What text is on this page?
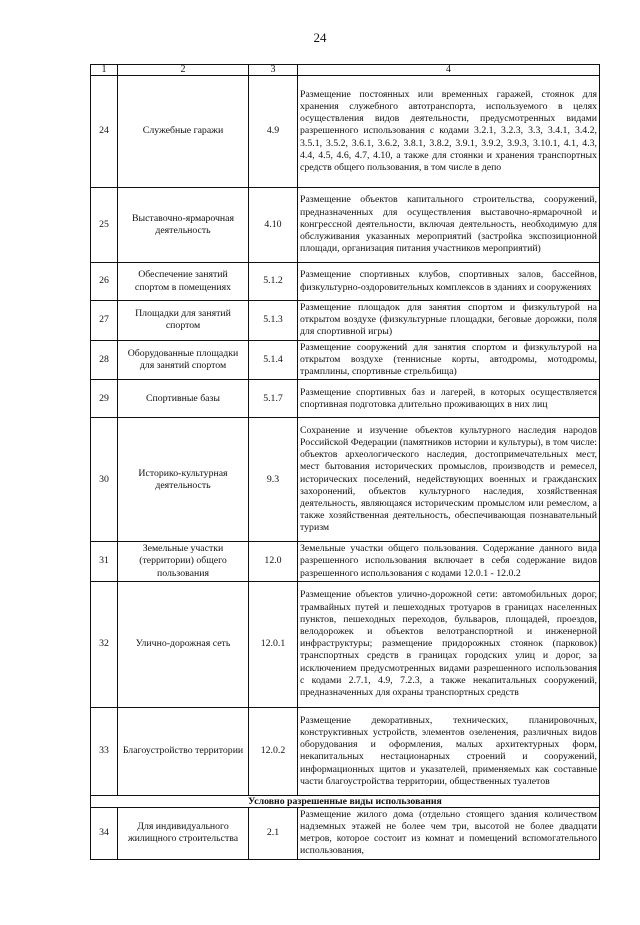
24
1	2	3	4
24	Служебные гаражи	4.9	Размещение постоянных или временных гаражей, стоянок для хранения служебного автотранспорта, используемого в целях осуществления видов деятельности, предусмотренных видами разрешенного использования с кодами 3.2.1, 3.2.3, 3.3, 3.4.1, 3.4.2, 3.5.1, 3.5.2, 3.6.1, 3.6.2, 3.8.1, 3.8.2, 3.9.1, 3.9.2, 3.9.3, 3.10.1, 4.1, 4.3, 4.4, 4.5, 4.6, 4.7, 4.10, а также для стоянки и хранения транспортных средств общего пользования, в том числе в депо
25	Выставочно-ярмарочная деятельность	4.10	Размещение объектов капитального строительства, сооружений, предназначенных для осуществления выставочно-ярмарочной и конгрессной деятельности, включая деятельность, необходимую для обслуживания указанных мероприятий (застройка экспозиционной площади, организация питания участников мероприятий)
26	Обеспечение занятий спортом в помещениях	5.1.2	Размещение спортивных клубов, спортивных залов, бассейнов, физкультурно-оздоровительных комплексов в зданиях и сооружениях
27	Площадки для занятий спортом	5.1.3	Размещение площадок для занятия спортом и физкультурой на открытом воздухе (физкультурные площадки, беговые дорожки, поля для спортивной игры)
28	Оборудованные площадки для занятий спортом	5.1.4	Размещение сооружений для занятия спортом и физкультурой на открытом воздухе (теннисные корты, автодромы, мотодромы, трамплины, спортивные стрельбища)
29	Спортивные базы	5.1.7	Размещение спортивных баз и лагерей, в которых осуществляется спортивная подготовка длительно проживающих в них лиц
30	Историко-культурная деятельность	9.3	Сохранение и изучение объектов культурного наследия народов Российской Федерации (памятников истории и культуры), в том числе: объектов археологического наследия, достопримечательных мест, мест бытования исторических промыслов, производств и ремесел, исторических поселений, недействующих военных и гражданских захоронений, объектов культурного наследия, хозяйственная деятельность, являющаяся историческим промыслом или ремеслом, а также хозяйственная деятельность, обеспечивающая познавательный туризм
31	Земельные участки (территории) общего пользования	12.0	Земельные участки общего пользования. Содержание данного вида разрешенного использования включает в себя содержание видов разрешенного использования с кодами 12.0.1 - 12.0.2
32	Улично-дорожная сеть	12.0.1	Размещение объектов улично-дорожной сети: автомобильных дорог, трамвайных путей и пешеходных тротуаров в границах населенных пунктов, пешеходных переходов, бульваров, площадей, проездов, велодорожек и объектов велотранспортной и инженерной инфраструктуры; размещение придорожных стоянок (парковок) транспортных средств в границах городских улиц и дорог, за исключением предусмотренных видами разрешенного использования с кодами 2.7.1, 4.9, 7.2.3, а также некапитальных сооружений, предназначенных для охраны транспортных средств
33	Благоустройство территории	12.0.2	Размещение декоративных, технических, планировочных, конструктивных устройств, элементов озеленения, различных видов оборудования и оформления, малых архитектурных форм, некапитальных нестационарных строений и сооружений, информационных щитов и указателей, применяемых как составные части благоустройства территории, общественных туалетов
Условно разрешенные виды использования			
34	Для индивидуального жилищного строительства	2.1	Размещение жилого дома (отдельно стоящего здания количеством надземных этажей не более чем три, высотой не более двадцати метров, которое состоит из комнат и помещений вспомогательного использования,
